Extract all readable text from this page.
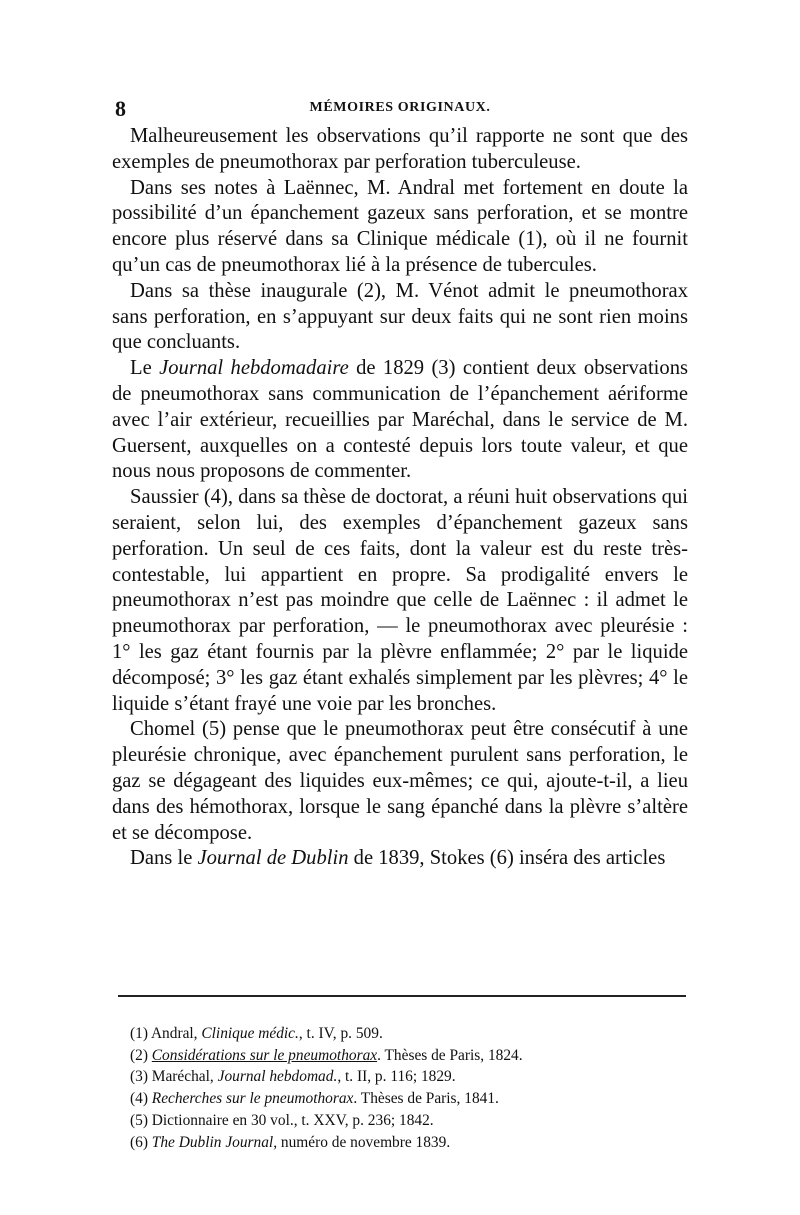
8	MÉMOIRES ORIGINAUX.

Malheureusement les observations qu’il rapporte ne sont que des exemples de pneumothorax par perforation tuberculeuse.

Dans ses notes à Laënnec, M. Andral met fortement en doute la possibilité d’un épanchement gazeux sans perforation, et se montre encore plus réservé dans sa Clinique médicale (1), où il ne fournit qu’un cas de pneumothorax lié à la présence de tubercules.

Dans sa thèse inaugurale (2), M. Vénot admit le pneumothorax sans perforation, en s’appuyant sur deux faits qui ne sont rien moins que concluants.

Le Journal hebdomadaire de 1829 (3) contient deux observations de pneumothorax sans communication de l’épanchement aériforme avec l’air extérieur, recueillies par Maréchal, dans le service de M. Guersent, auxquelles on a contesté depuis lors toute valeur, et que nous nous proposons de commenter.

Saussier (4), dans sa thèse de doctorat, a réuni huit observations qui seraient, selon lui, des exemples d’épanchement gazeux sans perforation. Un seul de ces faits, dont la valeur est du reste très-contestable, lui appartient en propre. Sa prodigalité envers le pneumothorax n’est pas moindre que celle de Laënnec : il admet le pneumothorax par perforation, — le pneumothorax avec pleurésie : 1° les gaz étant fournis par la plèvre enflammée; 2° par le liquide décomposé; 3° les gaz étant exhalés simplement par les plèvres; 4° le liquide s’étant frayé une voie par les bronches.

Chomel (5) pense que le pneumothorax peut être consécutif à une pleurésie chronique, avec épanchement purulent sans perforation, le gaz se dégageant des liquides eux-mêmes; ce qui, ajoute-t-il, a lieu dans des hémothorax, lorsque le sang épanché dans la plèvre s’altère et se décompose.

Dans le Journal de Dublin de 1839, Stokes (6) inséra des articles

(1) Andral, Clinique médic., t. IV, p. 509.
(2) Considérations sur le pneumothorax. Thèses de Paris, 1824.
(3) Maréchal, Journal hebdomad., t. II, p. 116; 1829.
(4) Recherches sur le pneumothorax. Thèses de Paris, 1841.
(5) Dictionnaire en 30 vol., t. XXV, p. 236; 1842.
(6) The Dublin Journal, numéro de novembre 1839.
